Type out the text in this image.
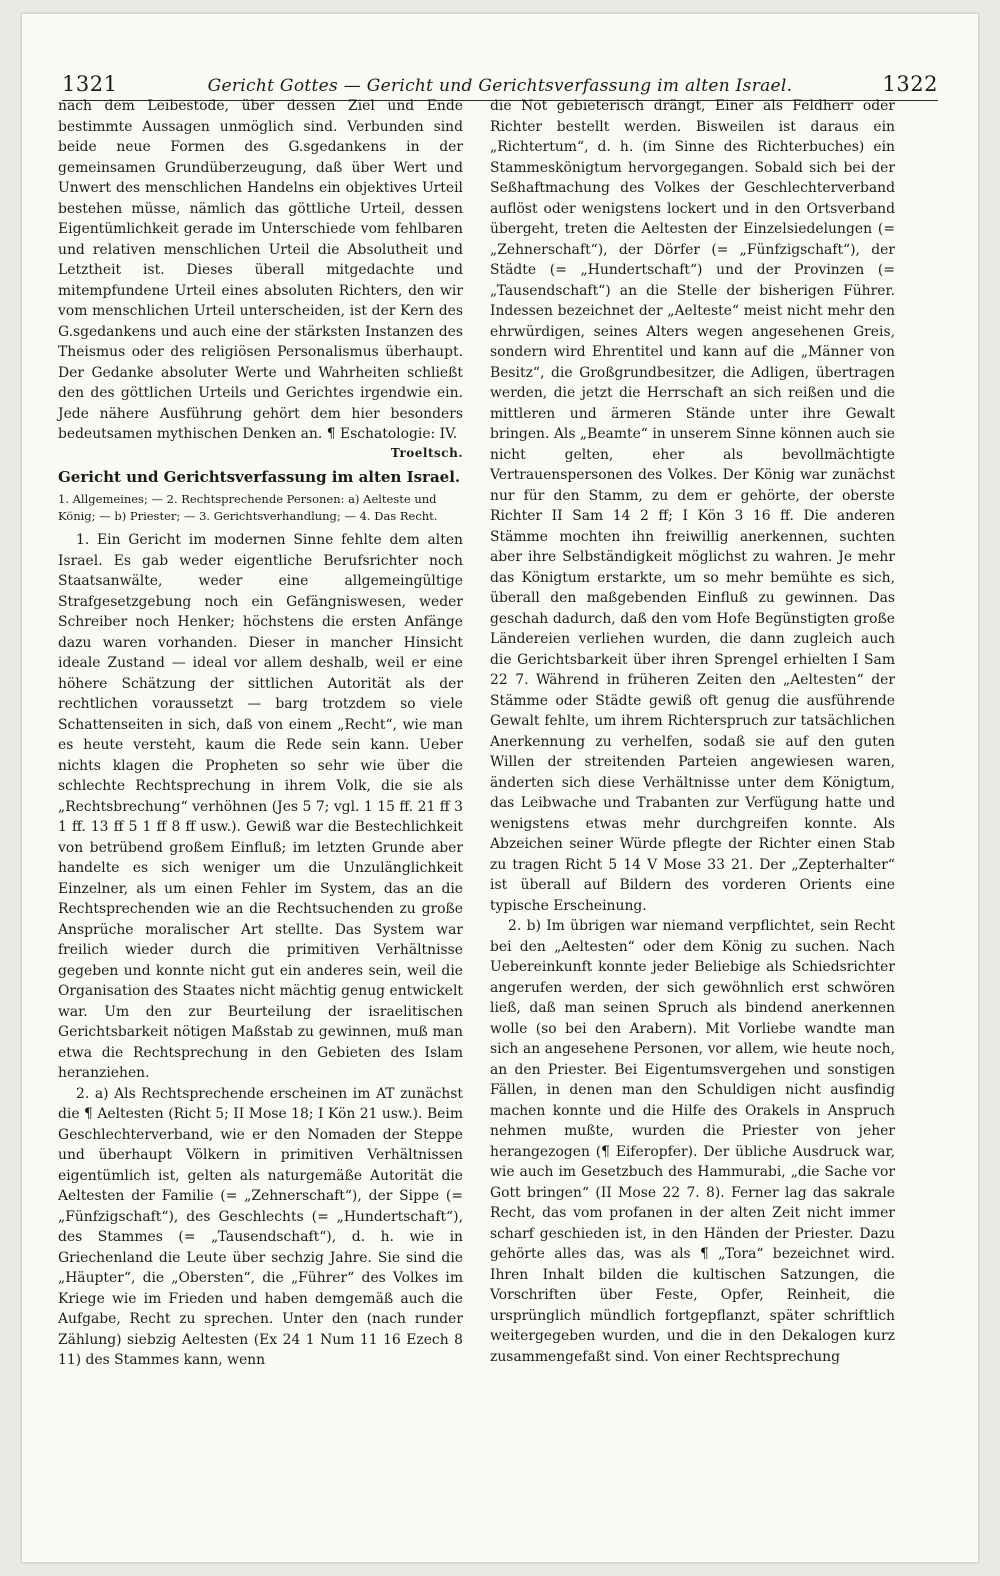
1321	Gericht Gottes — Gericht und Gerichtsverfassung im alten Israel.	1322

nach dem Leibestode, über dessen Ziel und Ende bestimmte Aussagen unmöglich sind. Verbunden sind beide neue Formen des G.sgedankens in der gemeinsamen Grundüberzeugung, daß über Wert und Unwert des menschlichen Handelns ein objektives Urteil bestehen müsse, nämlich das göttliche Urteil, dessen Eigentümlichkeit gerade im Unterschiede vom fehlbaren und relativen menschlichen Urteil die Absolutheit und Letztheit ist. Dieses überall mitgedachte und mitempfundene Urteil eines absoluten Richters, den wir vom menschlichen Urteil unterscheiden, ist der Kern des G.sgedankens und auch eine der stärksten Instanzen des Theismus oder des religiösen Personalismus überhaupt. Der Gedanke absoluter Werte und Wahrheiten schließt den des göttlichen Urteils und Gerichtes irgendwie ein. Jede nähere Ausführung gehört dem hier besonders bedeutsamen mythischen Denken an. ¶ Eschatologie: IV.

Troeltsch.
Gericht und Gerichtsverfassung im alten Israel.
1. Allgemeines; — 2. Rechtsprechende Personen: a) Aelteste und König; — b) Priester; — 3. Gerichtsverhandlung; — 4. Das Recht.

1. Ein Gericht im modernen Sinne fehlte dem alten Israel. Es gab weder eigentliche Berufsrichter noch Staatsanwälte, weder eine allgemeingültige Strafgesetzgebung noch ein Gefängniswesen, weder Schreiber noch Henker; höchstens die ersten Anfänge dazu waren vorhanden. Dieser in mancher Hinsicht ideale Zustand — ideal vor allem deshalb, weil er eine höhere Schätzung der sittlichen Autorität als der rechtlichen voraussetzt — barg trotzdem so viele Schattenseiten in sich, daß von einem „Recht“, wie man es heute versteht, kaum die Rede sein kann. Ueber nichts klagen die Propheten so sehr wie über die schlechte Rechtsprechung in ihrem Volk, die sie als „Rechtsbrechung“ verhöhnen (Jes 5 7; vgl. 1 15 ff. 21 ff 3 1 ff. 13 ff 5 1 ff 8 ff usw.). Gewiß war die Bestechlichkeit von betrübend großem Einfluß; im letzten Grunde aber handelte es sich weniger um die Unzulänglichkeit Einzelner, als um einen Fehler im System, das an die Rechtsprechenden wie an die Rechtsuchenden zu große Ansprüche moralischer Art stellte. Das System war freilich wieder durch die primitiven Verhältnisse gegeben und konnte nicht gut ein anderes sein, weil die Organisation des Staates nicht mächtig genug entwickelt war. Um den zur Beurteilung der israelitischen Gerichtsbarkeit nötigen Maßstab zu gewinnen, muß man etwa die Rechtsprechung in den Gebieten des Islam heranziehen.

2. a) Als Rechtsprechende erscheinen im AT zunächst die ¶ Aeltesten (Richt 5; II Mose 18; I Kön 21 usw.). Beim Geschlechterverband, wie er den Nomaden der Steppe und überhaupt Völkern in primitiven Verhältnissen eigentümlich ist, gelten als naturgemäße Autorität die Aeltesten der Familie (= „Zehnerschaft“), der Sippe (= „Fünfzigschaft“), des Geschlechts (= „Hundertschaft“), des Stammes (= „Tausendschaft“), d. h. wie in Griechenland die Leute über sechzig Jahre. Sie sind die „Häupter“, die „Obersten“, die „Führer“ des Volkes im Kriege wie im Frieden und haben demgemäß auch die Aufgabe, Recht zu sprechen. Unter den (nach runder Zählung) siebzig Aeltesten (Ex 24 1 Num 11 16 Ezech 8 11) des Stammes kann, wenn

die Not gebieterisch drängt, Einer als Feldherr oder Richter bestellt werden. Bisweilen ist daraus ein „Richtertum“, d. h. (im Sinne des Richterbuches) ein Stammeskönigtum hervorgegangen. Sobald sich bei der Seßhaftmachung des Volkes der Geschlechterverband auflöst oder wenigstens lockert und in den Ortsverband übergeht, treten die Aeltesten der Einzelsiedelungen (= „Zehnerschaft“), der Dörfer (= „Fünfzigschaft“), der Städte (= „Hundertschaft“) und der Provinzen (= „Tausendschaft“) an die Stelle der bisherigen Führer. Indessen bezeichnet der „Aelteste“ meist nicht mehr den ehrwürdigen, seines Alters wegen angesehenen Greis, sondern wird Ehrentitel und kann auf die „Männer von Besitz“, die Großgrundbesitzer, die Adligen, übertragen werden, die jetzt die Herrschaft an sich reißen und die mittleren und ärmeren Stände unter ihre Gewalt bringen. Als „Beamte“ in unserem Sinne können auch sie nicht gelten, eher als bevollmächtigte Vertrauenspersonen des Volkes. Der König war zunächst nur für den Stamm, zu dem er gehörte, der oberste Richter II Sam 14 2 ff; I Kön 3 16 ff. Die anderen Stämme mochten ihn freiwillig anerkennen, suchten aber ihre Selbständigkeit möglichst zu wahren. Je mehr das Königtum erstarkte, um so mehr bemühte es sich, überall den maßgebenden Einfluß zu gewinnen. Das geschah dadurch, daß den vom Hofe Begünstigten große Ländereien verliehen wurden, die dann zugleich auch die Gerichtsbarkeit über ihren Sprengel erhielten I Sam 22 7. Während in früheren Zeiten den „Aeltesten“ der Stämme oder Städte gewiß oft genug die ausführende Gewalt fehlte, um ihrem Richterspruch zur tatsächlichen Anerkennung zu verhelfen, sodaß sie auf den guten Willen der streitenden Parteien angewiesen waren, änderten sich diese Verhältnisse unter dem Königtum, das Leibwache und Trabanten zur Verfügung hatte und wenigstens etwas mehr durchgreifen konnte. Als Abzeichen seiner Würde pflegte der Richter einen Stab zu tragen Richt 5 14 V Mose 33 21. Der „Zepterhalter“ ist überall auf Bildern des vorderen Orients eine typische Erscheinung.

2. b) Im übrigen war niemand verpflichtet, sein Recht bei den „Aeltesten“ oder dem König zu suchen. Nach Uebereinkunft konnte jeder Beliebige als Schiedsrichter angerufen werden, der sich gewöhnlich erst schwören ließ, daß man seinen Spruch als bindend anerkennen wolle (so bei den Arabern). Mit Vorliebe wandte man sich an angesehene Personen, vor allem, wie heute noch, an den Priester. Bei Eigentumsvergehen und sonstigen Fällen, in denen man den Schuldigen nicht ausfindig machen konnte und die Hilfe des Orakels in Anspruch nehmen mußte, wurden die Priester von jeher herangezogen (¶ Eiferopfer). Der übliche Ausdruck war, wie auch im Gesetzbuch des Hammurabi, „die Sache vor Gott bringen“ (II Mose 22 7. 8). Ferner lag das sakrale Recht, das vom profanen in der alten Zeit nicht immer scharf geschieden ist, in den Händen der Priester. Dazu gehörte alles das, was als ¶ „Tora“ bezeichnet wird. Ihren Inhalt bilden die kultischen Satzungen, die Vorschriften über Feste, Opfer, Reinheit, die ursprünglich mündlich fortgepflanzt, später schriftlich weitergegeben wurden, und die in den Dekalogen kurz zusammengefaßt sind. Von einer Rechtsprechung
